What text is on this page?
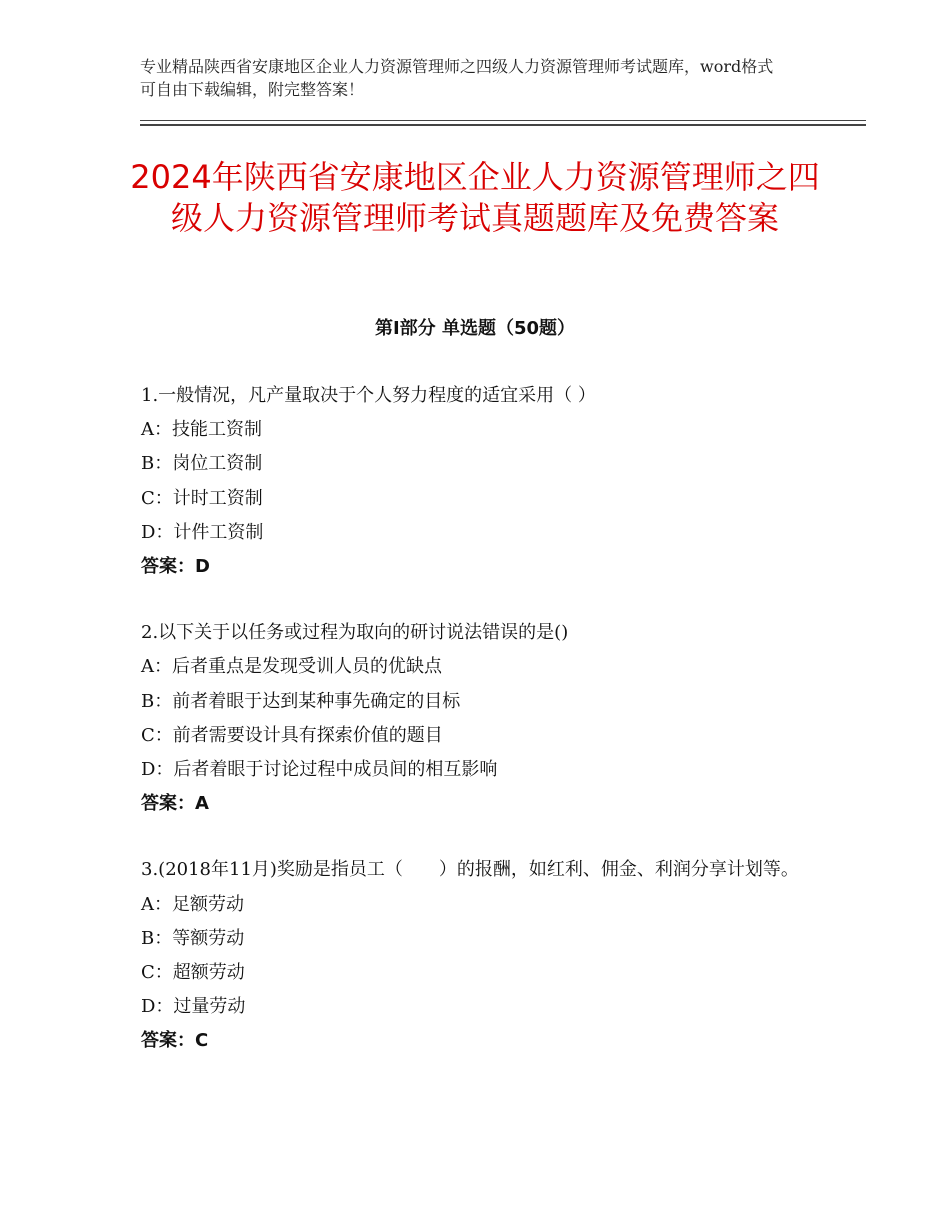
专业精品陕西省安康地区企业人力资源管理师之四级人力资源管理师考试题库，word格式可自由下载编辑，附完整答案！
2024年陕西省安康地区企业人力资源管理师之四级人力资源管理师考试真题题库及免费答案
第Ⅰ部分 单选题（50题）
1.一般情况，凡产量取决于个人努力程度的适宜采用（ ）
A：技能工资制
B：岗位工资制
C：计时工资制
D：计件工资制
答案：D
2.以下关于以任务或过程为取向的研讨说法错误的是()
A：后者重点是发现受训人员的优缺点
B：前者着眼于达到某种事先确定的目标
C：前者需要设计具有探索价值的题目
D：后者着眼于讨论过程中成员间的相互影响
答案：A
3.(2018年11月)奖励是指员工（　　）的报酬，如红利、佣金、利润分享计划等。
A：足额劳动
B：等额劳动
C：超额劳动
D：过量劳动
答案：C
